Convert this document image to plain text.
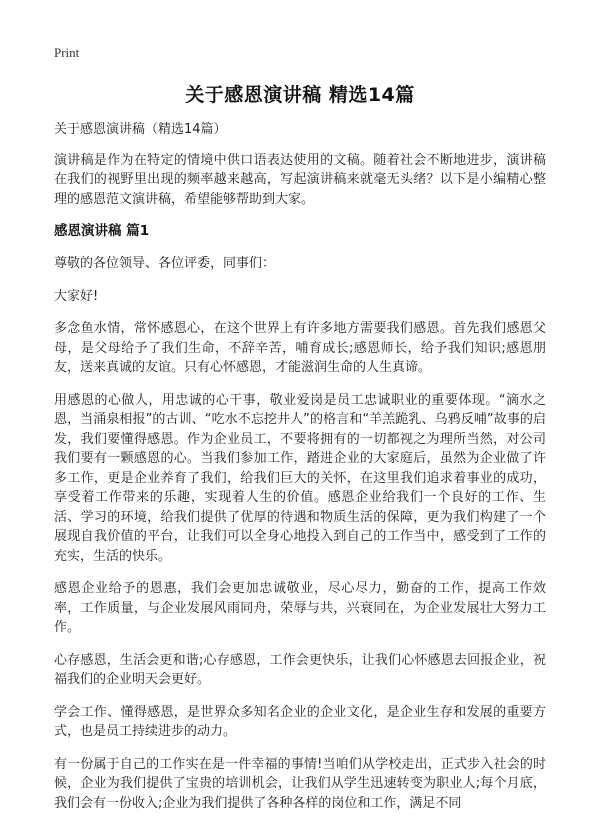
Print
关于感恩演讲稿 精选14篇

关于感恩演讲稿（精选14篇）

演讲稿是作为在特定的情境中供口语表达使用的文稿。随着社会不断地进步，演讲稿在我们的视野里出现的频率越来越高，写起演讲稿来就毫无头绪？以下是小编精心整理的感恩范文演讲稿，希望能够帮助到大家。

感恩演讲稿 篇1

尊敬的各位领导、各位评委，同事们：

大家好!

多念鱼水情，常怀感恩心，在这个世界上有许多地方需要我们感恩。首先我们感恩父母，是父母给予了我们生命，不辞辛苦，哺育成长;感恩师长，给予我们知识;感恩朋友，送来真诚的友谊。只有心怀感恩，才能滋润生命的人生真谛。

用感恩的心做人，用忠诚的心干事，敬业爱岗是员工忠诚职业的重要体现。“滴水之恩，当涌泉相报”的古训、“吃水不忘挖井人”的格言和“羊羔跪乳、乌鸦反哺”故事的启发，我们要懂得感恩。作为企业员工，不要将拥有的一切都视之为理所当然，对公司我们要有一颗感恩的心。当我们参加工作，踏进企业的大家庭后，虽然为企业做了许多工作，更是企业养育了我们，给我们巨大的关怀，在这里我们追求着事业的成功，享受着工作带来的乐趣，实现着人生的价值。感恩企业给我们一个良好的工作、生活、学习的环境，给我们提供了优厚的待遇和物质生活的保障，更为我们构建了一个展现自我价值的平台，让我们可以全身心地投入到自己的工作当中，感受到了工作的充实，生活的快乐。

感恩企业给予的恩惠，我们会更加忠诚敬业，尽心尽力，勤奋的工作，提高工作效率，工作质量，与企业发展风雨同舟，荣辱与共，兴衰同在，为企业发展壮大努力工作。

心存感恩，生活会更和谐;心存感恩，工作会更快乐，让我们心怀感恩去回报企业，祝福我们的企业明天会更好。

学会工作、懂得感恩，是世界众多知名企业的企业文化，是企业生存和发展的重要方式，也是员工持续进步的动力。

有一份属于自己的工作实在是一件幸福的事情!当咱们从学校走出，正式步入社会的时候，企业为我们提供了宝贵的培训机会，让我们从学生迅速转变为职业人;每个月底，我们会有一份收入;企业为我们提供了各种各样的岗位和工作，满足不同
